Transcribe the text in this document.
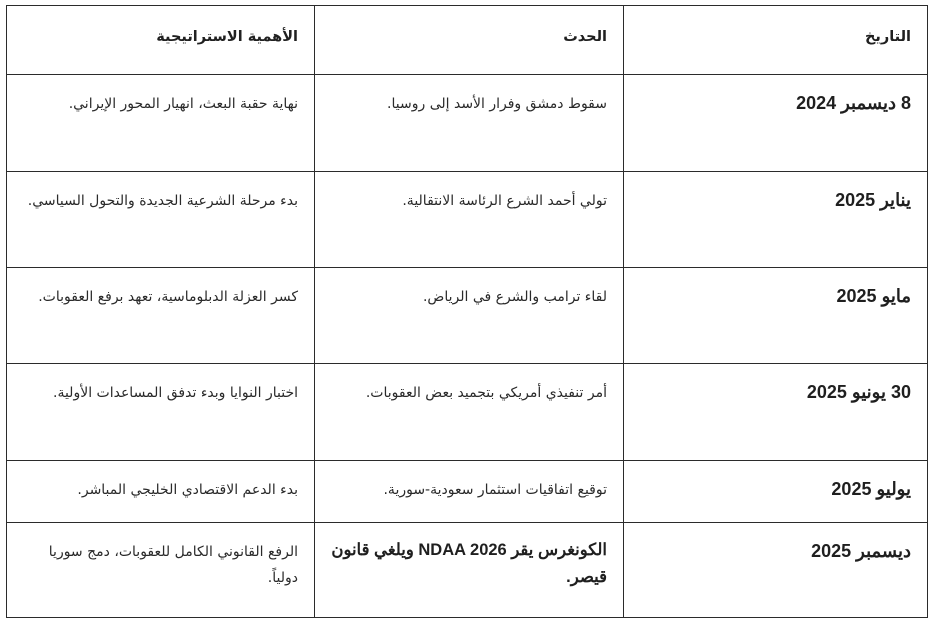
التاريخ	الحدث	الأهمية الاستراتيجية
8 ديسمبر 2024	سقوط دمشق وفرار الأسد إلى روسيا.	نهاية حقبة البعث، انهيار المحور الإيراني.
يناير 2025	تولي أحمد الشرع الرئاسة الانتقالية.	بدء مرحلة الشرعية الجديدة والتحول السياسي.
مايو 2025	لقاء ترامب والشرع في الرياض.	كسر العزلة الدبلوماسية، تعهد برفع العقوبات.
30 يونيو 2025	أمر تنفيذي أمريكي بتجميد بعض العقوبات.	اختبار النوايا وبدء تدفق المساعدات الأولية.
يوليو 2025	توقيع اتفاقيات استثمار سعودية-سورية.	بدء الدعم الاقتصادي الخليجي المباشر.
ديسمبر 2025	الكونغرس يقر NDAA 2026 ويلغي قانون قيصر.	الرفع القانوني الكامل للعقوبات، دمج سوريا دولياً.
